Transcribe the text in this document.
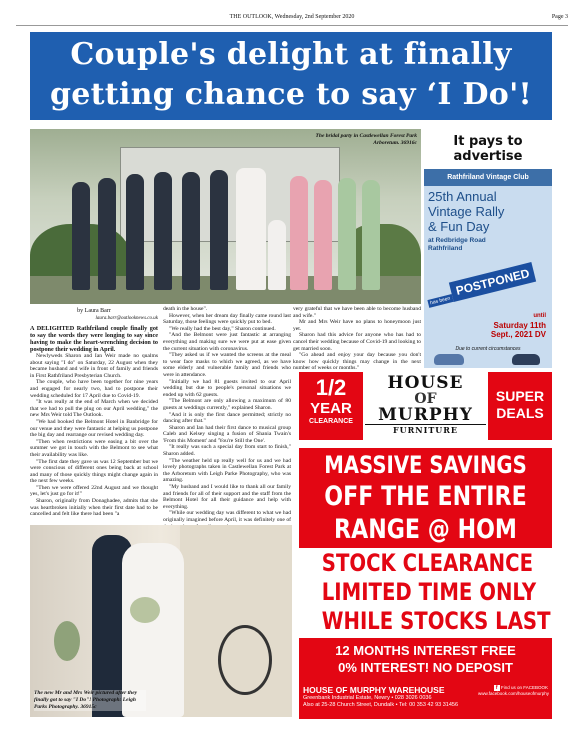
THE OUTLOOK, Wednesday, 2nd September 2020	Page 3
Couple's delight at finally getting chance to say ‘I Do'!
The bridal party in Castlewellan Forest Park Arboretum. 36916c
by Laura Barr
laura.barr@outlooknews.co.uk

A DELIGHTED Rathfriland couple finally got to say the words they were longing to say since having to make the heart-wrenching decision to postpone their wedding in April.

Newlyweds Sharon and Ian Weir made no qualms about saying "I do" on Saturday, 22 August when they became husband and wife in front of family and friends in First Rathfriland Presbyterian Church.

The couple, who have been together for nine years and engaged for nearly two, had to postpone their wedding scheduled for 17 April due to Covid-19.

"It was really at the end of March when we decided that we had to pull the plug on our April wedding," the new Mrs Weir told The Outlook.

"We had booked the Belmont Hotel in Banbridge for our venue and they were fantastic at helping us postpone the big day and rearrange our revised wedding day.

"Then when restrictions were easing a bit over the summer we got in touch with the Belmont to see what their availability was like.

"The first date they gave us was 12 September but we were conscious of different ones being back at school and many of those quickly things might change again in the next few weeks.

"Then we were offered 22nd August and we thought yes, let's just go for it!"

Sharon, originally from Donaghadee, admits that she was heartbroken initially when their first date had to be cancelled and felt like there had been "a

death in the house".

However, when her dream day finally came round last Saturday, those feelings were quickly put to bed.

"We really had the best day," Sharon continued.

"And the Belmont were just fantastic at arranging everything and making sure we were put at ease given the current situation with coronavirus.

"They asked us if we wanted the screens at the meal to wear face masks to which we agreed, as we have some elderly and vulnerable family and friends who were in attendance.

"Initially we had 81 guests invited to our April wedding but due to people's personal situations we ended up with 62 guests.

"The Belmont are only allowing a maximum of 80 guests at weddings currently," explained Sharon.

"And it is only the first dance permitted; strictly no dancing after that."

Sharon and Ian had their first dance to musical group Caleb and Kelsey singing a fusion of Shania Twain's 'From this Moment' and 'You're Still the One'.

"It really was such a special day from start to finish," Sharon added.

"The weather held up really well for us and we had lovely photographs taken in Castlewellan Forest Park at the Arboretum with Leigh Parke Photography, who was amazing.

"My husband and I would like to thank all our family and friends for all of their support and the staff from the Belmont Hotel for all their guidance and help with everything.

"While our wedding day was different to what we had originally imagined before April, it was definitely one of

very grateful that we have been able to become husband and wife."

Mr and Mrs Weir have no plans to honeymoon just yet.

Sharon had this advice for anyone who has had to cancel their wedding because of Covid-19 and looking to get married soon.

"Go ahead and enjoy your day because you don't know how quickly things may change in the next number of weeks or months."

The new Mr and Mrs Weir pictured after they finally got to say "I Do"! Photograph: Leigh Parks Photography. 36915c
It pays to
advertise
Rathfriland Vintage Club
25th Annual
Vintage Rally
& Fun Day
at Redbridge Road
Rathfriland
has been
POSTPONED
until
Saturday 11th
Sept., 2021 DV
Due to current circumstances
1/2
YEAR
CLEARANCE
HOUSE
OF
MURPHY
FURNITURE
SUPER
DEALS
MASSIVE SAVINGS
OFF THE ENTIRE
RANGE @ HOM
STOCK CLEARANCE
LIMITED TIME ONLY
WHILE STOCKS LAST
12 MONTHS INTEREST FREE
0% INTEREST! NO DEPOSIT
HOUSE OF MURPHY WAREHOUSE
Greenbank Industrial Estate, Newry • 028 3026 0036
Also at 25-28 Church Street, Dundalk • Tel: 00 353 42 93 31456
f Find us on FACEBOOK
www.facebook.com/houseofmurphy
